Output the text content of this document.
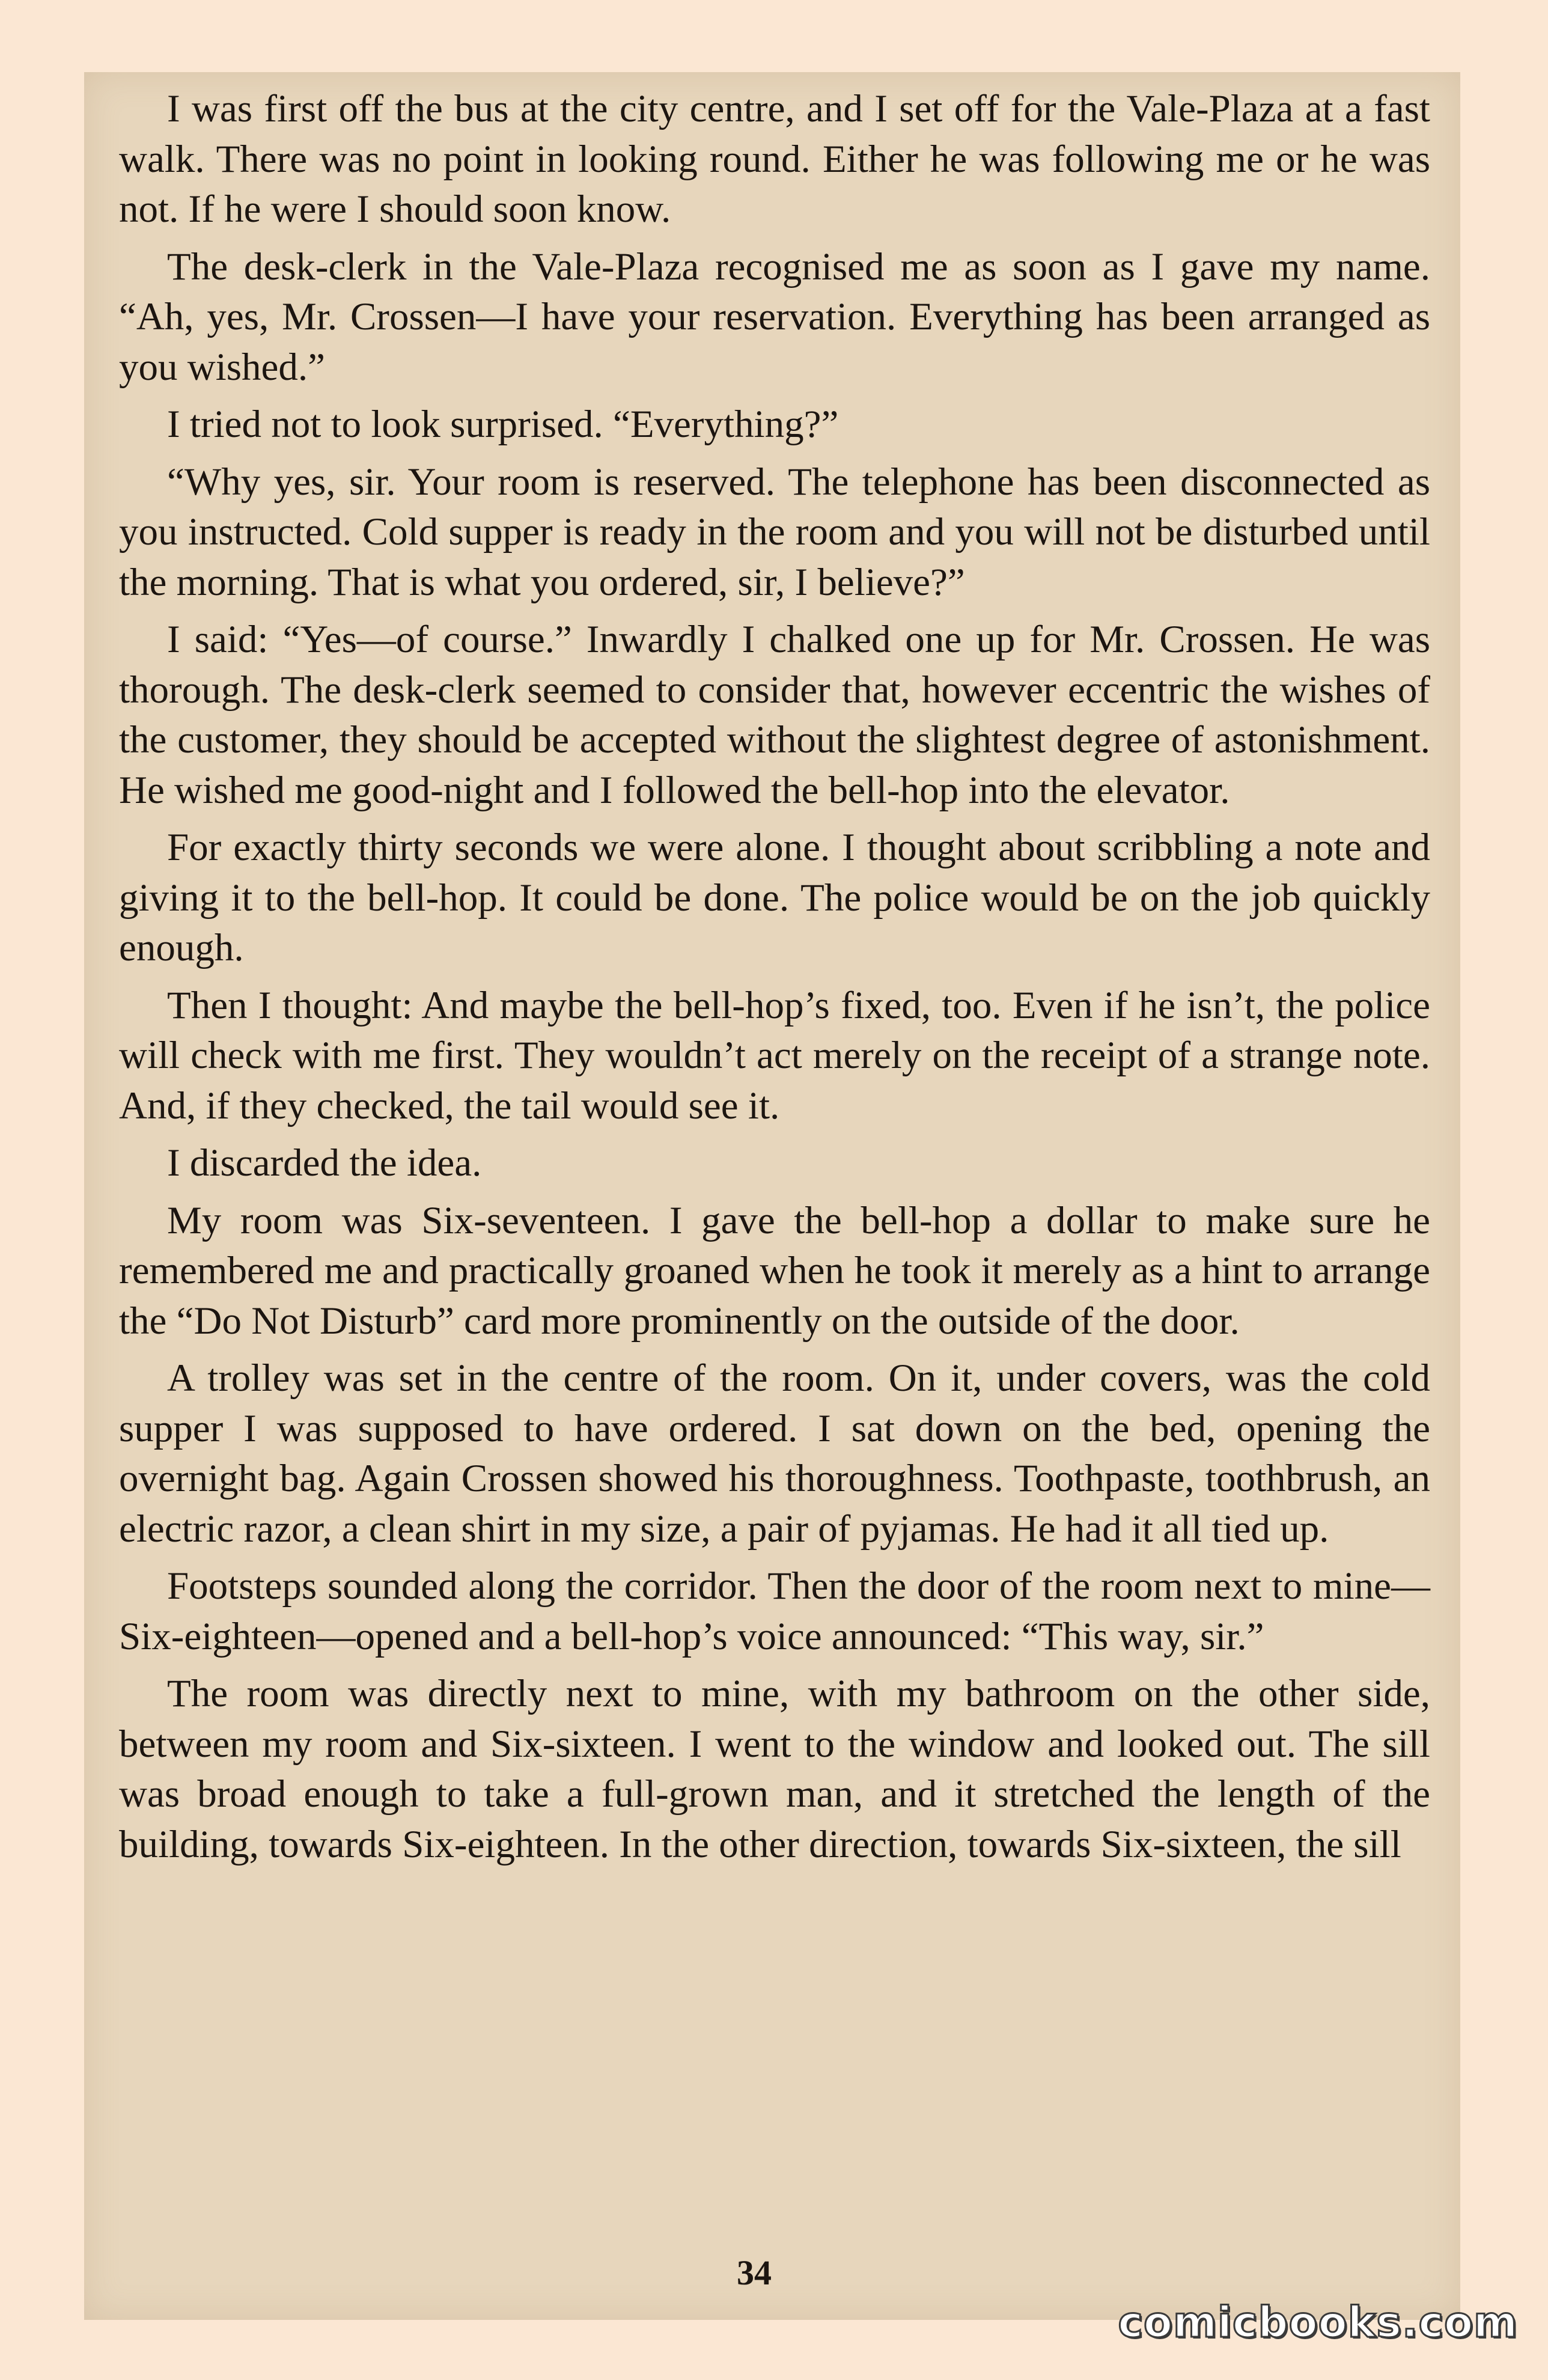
I was first off the bus at the city centre, and I set off for the Vale-Plaza at a fast walk. There was no point in looking round. Either he was following me or he was not. If he were I should soon know.

The desk-clerk in the Vale-Plaza recognised me as soon as I gave my name. “Ah, yes, Mr. Crossen—I have your reservation. Everything has been arranged as you wished.”

I tried not to look surprised. “Everything?”

“Why yes, sir. Your room is reserved. The telephone has been disconnected as you instructed. Cold supper is ready in the room and you will not be disturbed until the morning. That is what you ordered, sir, I believe?”

I said: “Yes—of course.” Inwardly I chalked one up for Mr. Crossen. He was thorough. The desk-clerk seemed to consider that, however eccentric the wishes of the customer, they should be accepted without the slightest degree of astonishment. He wished me good-night and I followed the bell-hop into the elevator.

For exactly thirty seconds we were alone. I thought about scribbling a note and giving it to the bell-hop. It could be done. The police would be on the job quickly enough.

Then I thought: And maybe the bell-hop’s fixed, too. Even if he isn’t, the police will check with me first. They wouldn’t act merely on the receipt of a strange note. And, if they checked, the tail would see it.

I discarded the idea.

My room was Six-seventeen. I gave the bell-hop a dollar to make sure he remembered me and practically groaned when he took it merely as a hint to arrange the “Do Not Disturb” card more prominently on the outside of the door.

A trolley was set in the centre of the room. On it, under covers, was the cold supper I was supposed to have ordered. I sat down on the bed, opening the overnight bag. Again Crossen showed his thoroughness. Toothpaste, toothbrush, an electric razor, a clean shirt in my size, a pair of pyjamas. He had it all tied up.

Footsteps sounded along the corridor. Then the door of the room next to mine—Six-eighteen—opened and a bell-hop’s voice announced: “This way, sir.”

The room was directly next to mine, with my bathroom on the other side, between my room and Six-sixteen. I went to the window and looked out. The sill was broad enough to take a full-grown man, and it stretched the length of the building, towards Six-eighteen. In the other direction, towards Six-sixteen, the sill

34
comicbooks.com
